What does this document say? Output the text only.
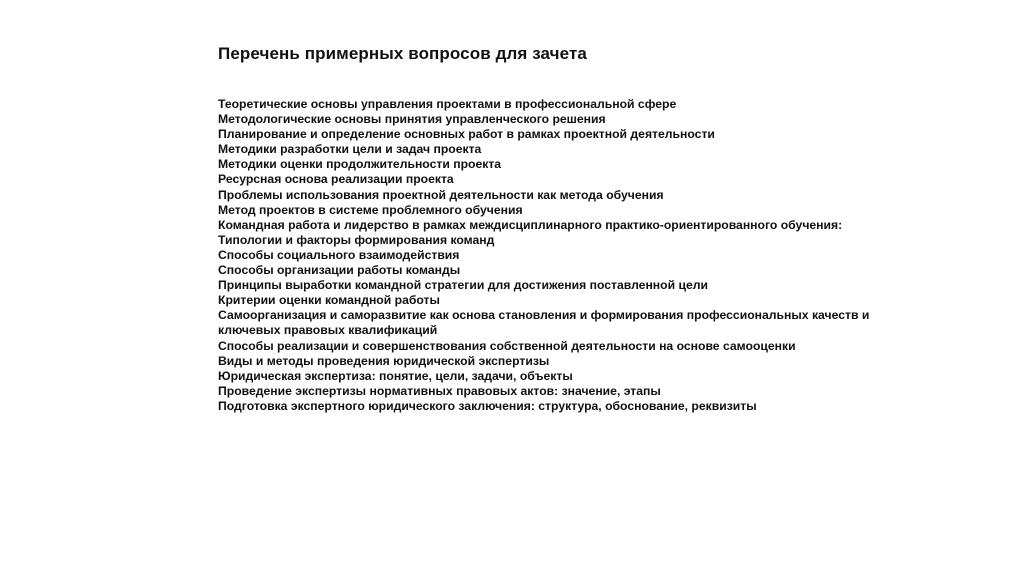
Перечень примерных вопросов для зачета
Теоретические основы управления проектами в профессиональной сфере
Методологические основы принятия управленческого решения
Планирование и определение основных работ в рамках проектной деятельности
Методики разработки цели и задач проекта
Методики оценки продолжительности проекта
Ресурсная основа реализации проекта
Проблемы использования проектной деятельности как метода обучения
Метод проектов в системе проблемного обучения
Командная работа и лидерство в рамках междисциплинарного практико-ориентированного обучения:
Типологии и факторы формирования команд
Способы социального взаимодействия
Способы организации работы команды
Принципы выработки командной стратегии для достижения поставленной цели
Критерии оценки командной работы
Самоорганизация и саморазвитие как основа становления и формирования профессиональных качеств и
ключевых правовых квалификаций
Способы реализации и совершенствования собственной деятельности на основе самооценки
Виды и методы проведения юридической экспертизы
Юридическая экспертиза: понятие, цели, задачи, объекты
Проведение экспертизы нормативных правовых актов: значение, этапы
Подготовка экспертного юридического заключения: структура, обоснование, реквизиты
